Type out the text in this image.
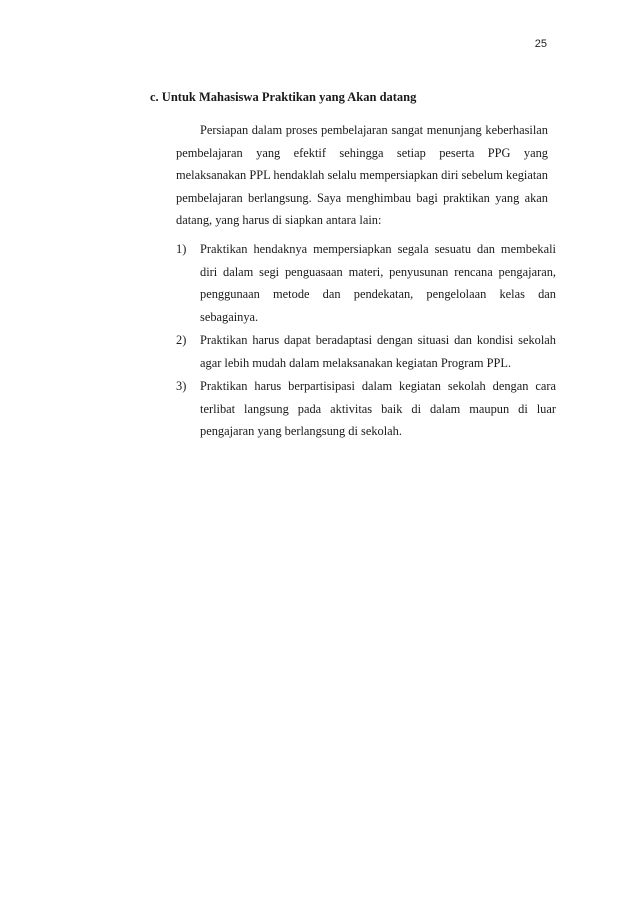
25
c. Untuk Mahasiswa Praktikan yang Akan datang

Persiapan dalam proses pembelajaran sangat menunjang keberhasilan pembelajaran yang efektif sehingga setiap peserta PPG yang melaksanakan PPL hendaklah selalu mempersiapkan diri sebelum kegiatan pembelajaran berlangsung. Saya menghimbau bagi praktikan yang akan datang, yang harus di siapkan antara lain:

1) Praktikan hendaknya mempersiapkan segala sesuatu dan membekali diri dalam segi penguasaan materi, penyusunan rencana pengajaran, penggunaan metode dan pendekatan, pengelolaan kelas dan sebagainya.
2) Praktikan harus dapat beradaptasi dengan situasi dan kondisi sekolah agar lebih mudah dalam melaksanakan kegiatan Program PPL.
3) Praktikan harus berpartisipasi dalam kegiatan sekolah dengan cara terlibat langsung pada aktivitas baik di dalam maupun di luar pengajaran yang berlangsung di sekolah.
